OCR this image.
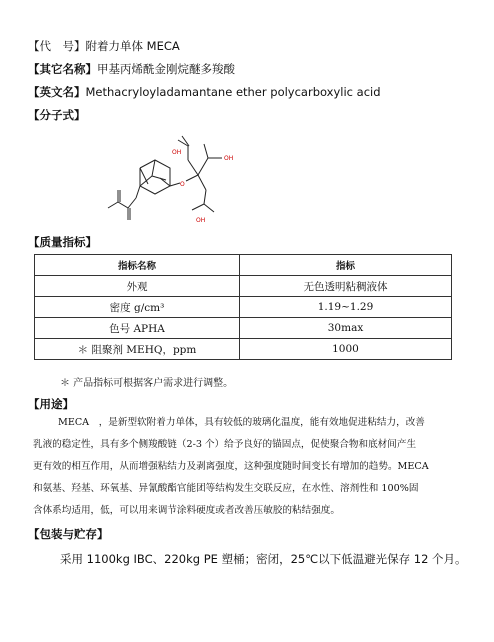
【代　号】附着力单体 MECA
【其它名称】甲基丙烯酰金刚烷醚多羧酸
【英文名】Methacryloyladamantane ether polycarboxylic acid
【分子式】
OH
OH
OH
O
【质量指标】
指标名称	指标
外观	无色透明粘稠液体
密度 g/cm³	1.19~1.29
色号 APHA	30max
＊ 阻聚剂 MEHQ，ppm	1000
＊ 产品指标可根据客户需求进行调整。
【用途】
MECA　，是新型软附着力单体，具有较低的玻璃化温度，能有效地促进粘结力，改善
乳液的稳定性，具有多个侧羧酸链（2-3 个）给予良好的锚固点，促使聚合物和底材间产生
更有效的相互作用，从而增强粘结力及剥离强度，这种强度随时间变长有增加的趋势。MECA
和氨基、羟基、环氧基、异氰酸酯官能团等结构发生交联反应，在水性、溶剂性和 100%固
含体系均适用，低，可以用来调节涂料硬度或者改善压敏胶的粘结强度。
【包装与贮存】
采用 1100kg IBC、220kg PE 塑桶；密闭，25℃以下低温避光保存 12 个月。
